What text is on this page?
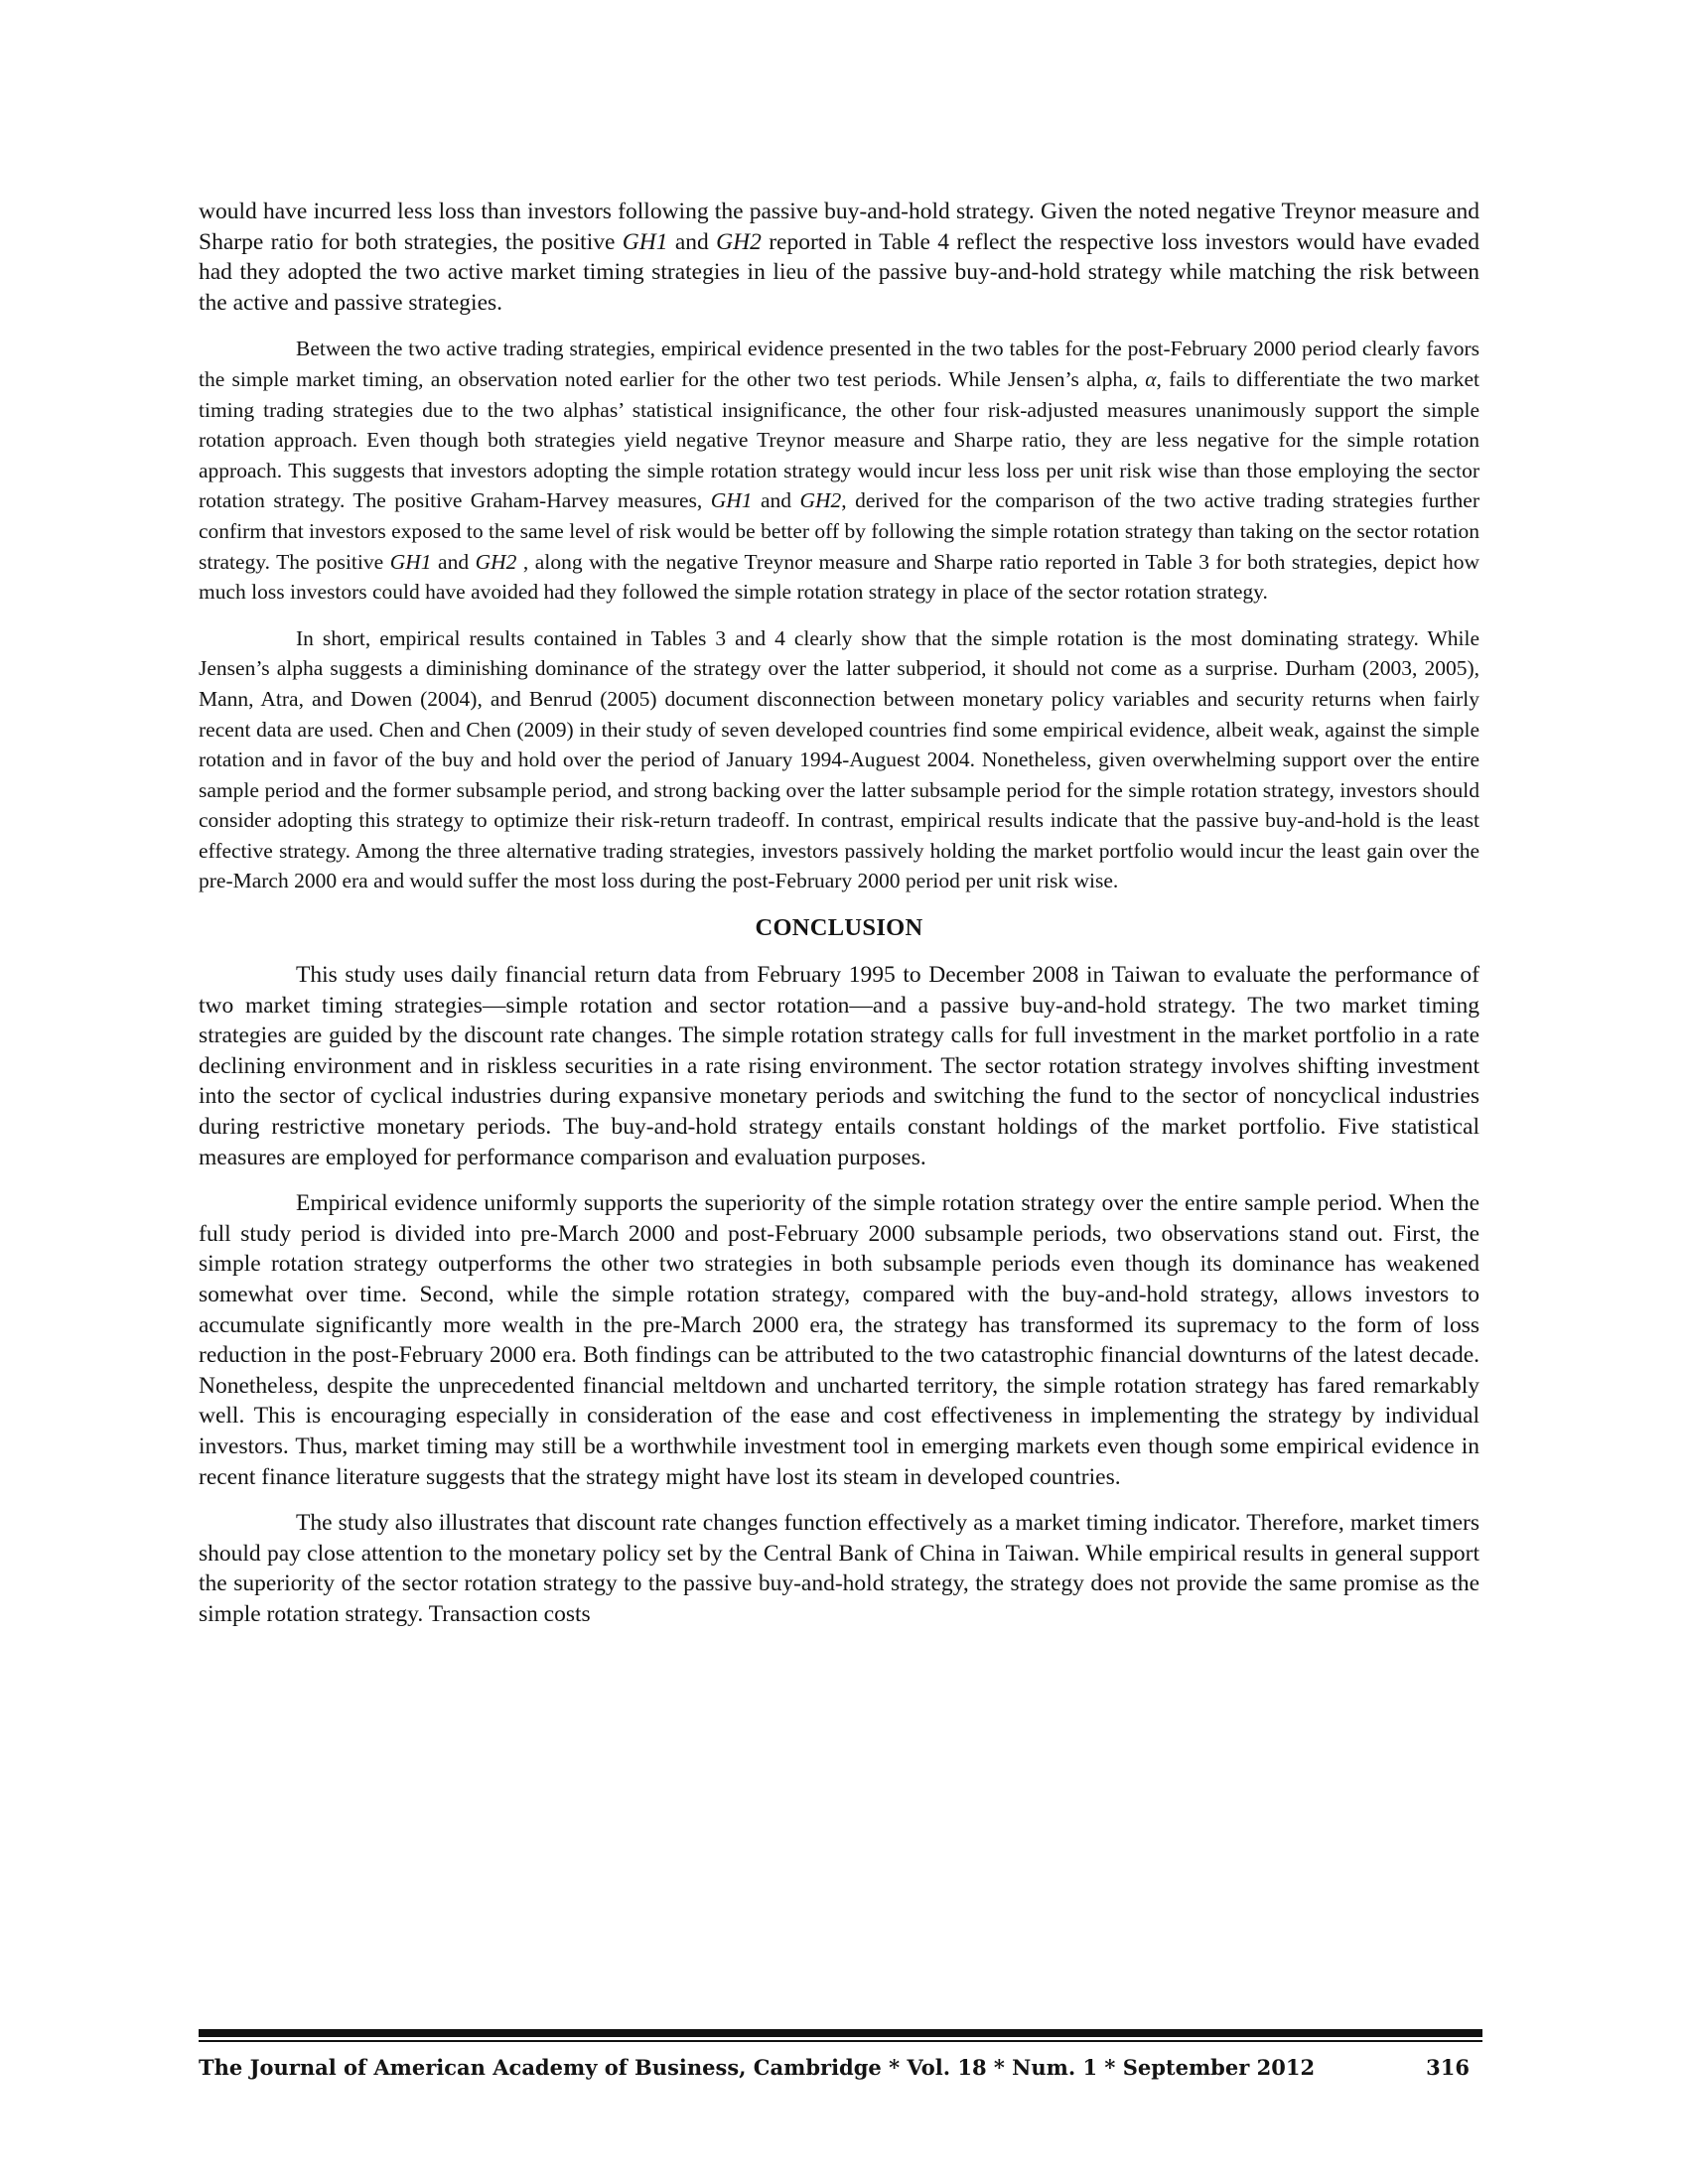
would have incurred less loss than investors following the passive buy-and-hold strategy. Given the noted negative Treynor measure and Sharpe ratio for both strategies, the positive GH1 and GH2 reported in Table 4 reflect the respective loss investors would have evaded had they adopted the two active market timing strategies in lieu of the passive buy-and-hold strategy while matching the risk between the active and passive strategies.

Between the two active trading strategies, empirical evidence presented in the two tables for the post-February 2000 period clearly favors the simple market timing, an observation noted earlier for the other two test periods. While Jensen’s alpha, α, fails to differentiate the two market timing trading strategies due to the two alphas’ statistical insignificance, the other four risk-adjusted measures unanimously support the simple rotation approach. Even though both strategies yield negative Treynor measure and Sharpe ratio, they are less negative for the simple rotation approach. This suggests that investors adopting the simple rotation strategy would incur less loss per unit risk wise than those employing the sector rotation strategy. The positive Graham-Harvey measures, GH1 and GH2, derived for the comparison of the two active trading strategies further confirm that investors exposed to the same level of risk would be better off by following the simple rotation strategy than taking on the sector rotation strategy. The positive GH1 and GH2 , along with the negative Treynor measure and Sharpe ratio reported in Table 3 for both strategies, depict how much loss investors could have avoided had they followed the simple rotation strategy in place of the sector rotation strategy.

In short, empirical results contained in Tables 3 and 4 clearly show that the simple rotation is the most dominating strategy. While Jensen’s alpha suggests a diminishing dominance of the strategy over the latter subperiod, it should not come as a surprise. Durham (2003, 2005), Mann, Atra, and Dowen (2004), and Benrud (2005) document disconnection between monetary policy variables and security returns when fairly recent data are used. Chen and Chen (2009) in their study of seven developed countries find some empirical evidence, albeit weak, against the simple rotation and in favor of the buy and hold over the period of January 1994-Auguest 2004. Nonetheless, given overwhelming support over the entire sample period and the former subsample period, and strong backing over the latter subsample period for the simple rotation strategy, investors should consider adopting this strategy to optimize their risk-return tradeoff. In contrast, empirical results indicate that the passive buy-and-hold is the least effective strategy. Among the three alternative trading strategies, investors passively holding the market portfolio would incur the least gain over the pre-March 2000 era and would suffer the most loss during the post-February 2000 period per unit risk wise.

CONCLUSION

This study uses daily financial return data from February 1995 to December 2008 in Taiwan to evaluate the performance of two market timing strategies—simple rotation and sector rotation—and a passive buy-and-hold strategy. The two market timing strategies are guided by the discount rate changes. The simple rotation strategy calls for full investment in the market portfolio in a rate declining environment and in riskless securities in a rate rising environment. The sector rotation strategy involves shifting investment into the sector of cyclical industries during expansive monetary periods and switching the fund to the sector of noncyclical industries during restrictive monetary periods. The buy-and-hold strategy entails constant holdings of the market portfolio. Five statistical measures are employed for performance comparison and evaluation purposes.

Empirical evidence uniformly supports the superiority of the simple rotation strategy over the entire sample period. When the full study period is divided into pre-March 2000 and post-February 2000 subsample periods, two observations stand out. First, the simple rotation strategy outperforms the other two strategies in both subsample periods even though its dominance has weakened somewhat over time. Second, while the simple rotation strategy, compared with the buy-and-hold strategy, allows investors to accumulate significantly more wealth in the pre-March 2000 era, the strategy has transformed its supremacy to the form of loss reduction in the post-February 2000 era. Both findings can be attributed to the two catastrophic financial downturns of the latest decade. Nonetheless, despite the unprecedented financial meltdown and uncharted territory, the simple rotation strategy has fared remarkably well. This is encouraging especially in consideration of the ease and cost effectiveness in implementing the strategy by individual investors. Thus, market timing may still be a worthwhile investment tool in emerging markets even though some empirical evidence in recent finance literature suggests that the strategy might have lost its steam in developed countries.

The study also illustrates that discount rate changes function effectively as a market timing indicator. Therefore, market timers should pay close attention to the monetary policy set by the Central Bank of China in Taiwan. While empirical results in general support the superiority of the sector rotation strategy to the passive buy-and-hold strategy, the strategy does not provide the same promise as the simple rotation strategy. Transaction costs

The Journal of American Academy of Business, Cambridge * Vol. 18 * Num. 1 * September 2012	316
